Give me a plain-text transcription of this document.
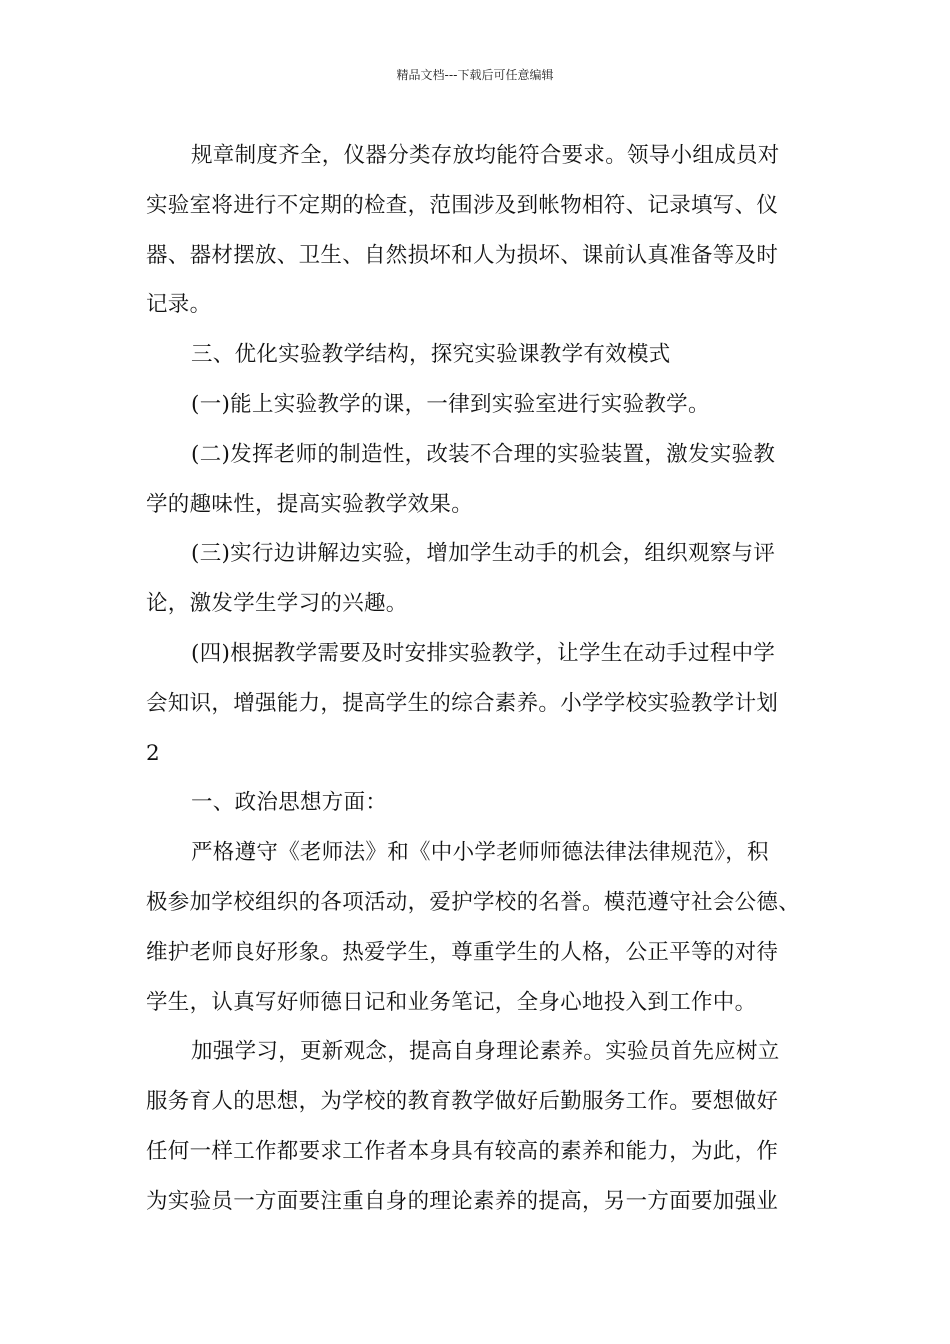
精品文档---下载后可任意编辑
规章制度齐全，仪器分类存放均能符合要求。领导小组成员对
实验室将进行不定期的检查，范围涉及到帐物相符、记录填写、仪
器、器材摆放、卫生、自然损坏和人为损坏、课前认真准备等及时
记录。
三、优化实验教学结构，探究实验课教学有效模式
(一)能上实验教学的课，一律到实验室进行实验教学。
(二)发挥老师的制造性，改装不合理的实验装置，激发实验教
学的趣味性，提高实验教学效果。
(三)实行边讲解边实验，增加学生动手的机会，组织观察与评
论，激发学生学习的兴趣。
(四)根据教学需要及时安排实验教学，让学生在动手过程中学
会知识，增强能力，提高学生的综合素养。小学学校实验教学计划
2
一、政治思想方面：
严格遵守《老师法》和《中小学老师师德法律法律规范》，积
极参加学校组织的各项活动，爱护学校的名誉。模范遵守社会公德、
维护老师良好形象。热爱学生，尊重学生的人格，公正平等的对待
学生，认真写好师德日记和业务笔记，全身心地投入到工作中。
加强学习，更新观念，提高自身理论素养。实验员首先应树立
服务育人的思想，为学校的教育教学做好后勤服务工作。要想做好
任何一样工作都要求工作者本身具有较高的素养和能力，为此，作
为实验员一方面要注重自身的理论素养的提高，另一方面要加强业
